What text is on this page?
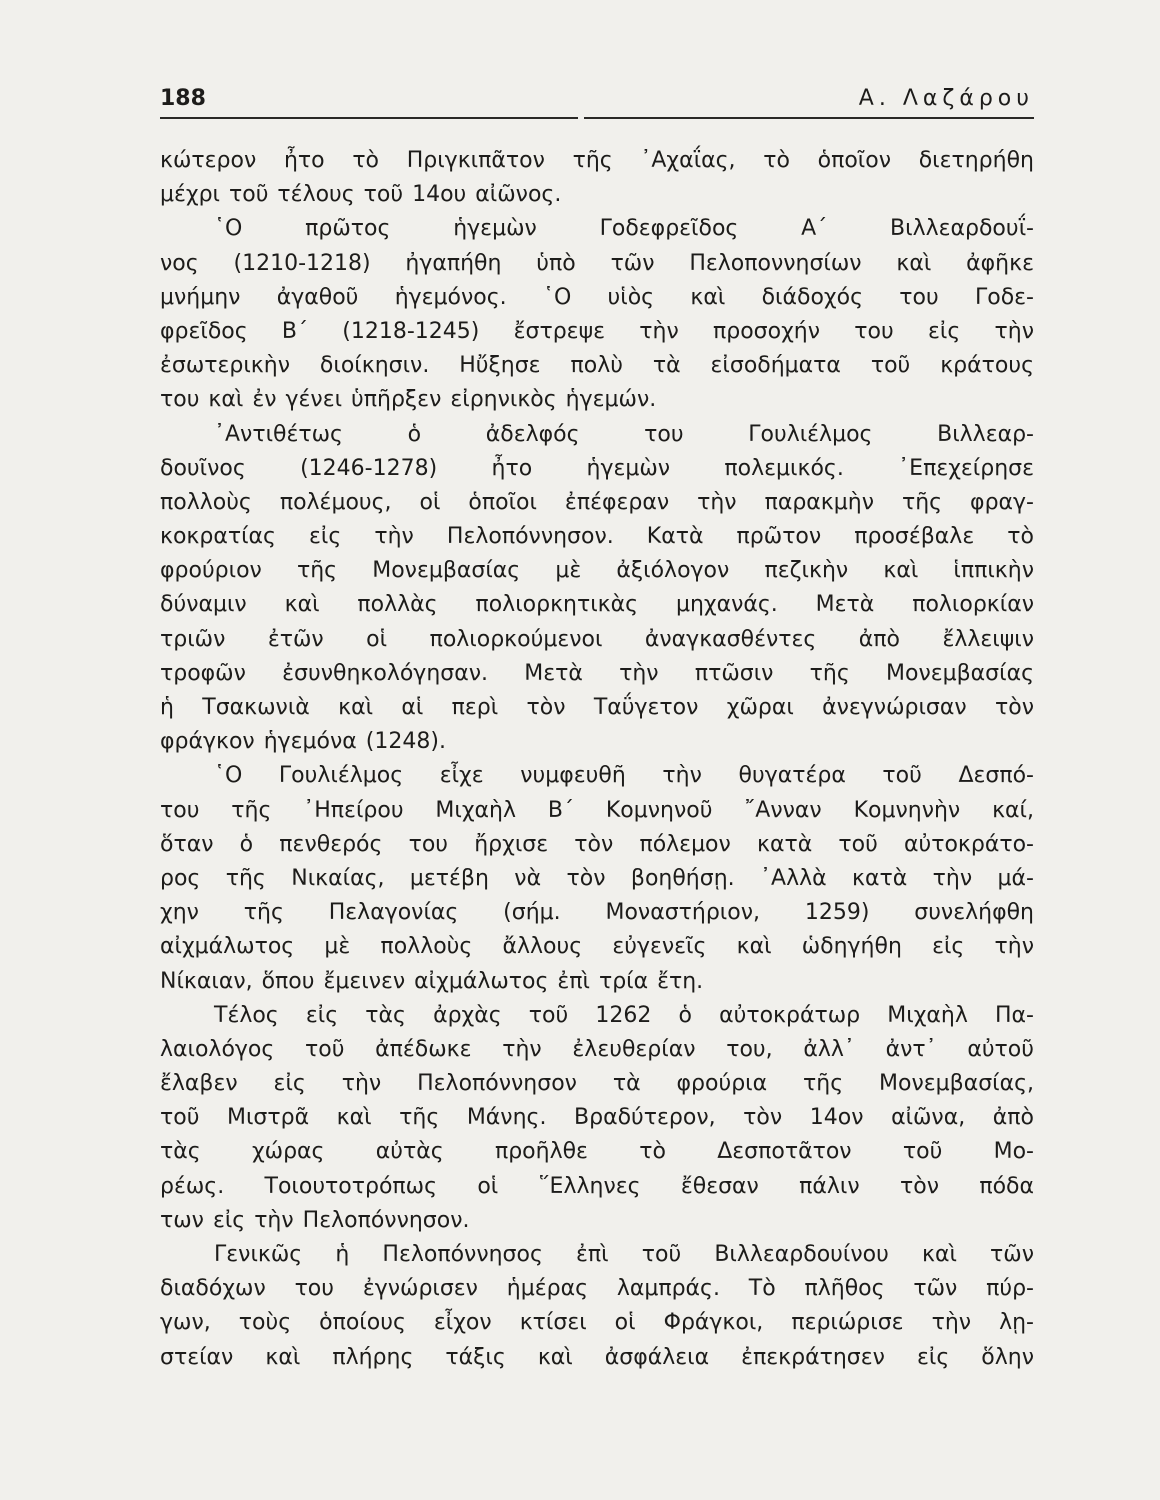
188	Α. Λαζάρου
κώτερον ἦτο τὸ Πριγκιπᾶτον τῆς ᾿Αχαΐας, τὸ ὁποῖον διετηρήθη
μέχρι τοῦ τέλους τοῦ 14ου αἰῶνος.
῾Ο πρῶτος ἡγεμὼν Γοδεφρεῖδος Α΄ Βιλλεαρδουΐ-
νος (1210-1218) ἠγαπήθη ὑπὸ τῶν Πελοποννησίων καὶ ἀφῆκε
μνήμην ἀγαθοῦ ἡγεμόνος. ῾Ο υἱὸς καὶ διάδοχός του Γοδε-
φρεῖδος Β΄ (1218-1245) ἔστρεψε τὴν προσοχήν του εἰς τὴν
ἐσωτερικὴν διοίκησιν. Ηὔξησε πολὺ τὰ εἰσοδήματα τοῦ κράτους
του καὶ ἐν γένει ὑπῆρξεν εἰρηνικὸς ἡγεμών.
᾿Αντιθέτως ὁ ἀδελφός του Γουλιέλμος Βιλλεαρ-
δουῖνος (1246-1278) ἦτο ἡγεμὼν πολεμικός. ᾿Επεχείρησε
πολλοὺς πολέμους, οἱ ὁποῖοι ἐπέφεραν τὴν παρακμὴν τῆς φραγ-
κοκρατίας εἰς τὴν Πελοπόννησον. Κατὰ πρῶτον προσέβαλε τὸ
φρούριον τῆς Μονεμβασίας μὲ ἀξιόλογον πεζικὴν καὶ ἱππικὴν
δύναμιν καὶ πολλὰς πολιορκητικὰς μηχανάς. Μετὰ πολιορκίαν
τριῶν ἐτῶν οἱ πολιορκούμενοι ἀναγκασθέντες ἀπὸ ἔλλειψιν
τροφῶν ἐσυνθηκολόγησαν. Μετὰ τὴν πτῶσιν τῆς Μονεμβασίας
ἡ Τσακωνιὰ καὶ αἱ περὶ τὸν Ταΰγετον χῶραι ἀνεγνώρισαν τὸν
φράγκον ἡγεμόνα (1248).
῾Ο Γουλιέλμος εἶχε νυμφευθῆ τὴν θυγατέρα τοῦ Δεσπό-
του τῆς ᾿Ηπείρου Μιχαὴλ Β΄ Κομνηνοῦ ῎Ανναν Κομνηνὴν καί,
ὅταν ὁ πενθερός του ἤρχισε τὸν πόλεμον κατὰ τοῦ αὐτοκράτο-
ρος τῆς Νικαίας, μετέβη νὰ τὸν βοηθήσῃ. ᾿Αλλὰ κατὰ τὴν μά-
χην τῆς Πελαγονίας (σήμ. Μοναστήριον, 1259) συνελήφθη
αἰχμάλωτος μὲ πολλοὺς ἄλλους εὐγενεῖς καὶ ὡδηγήθη εἰς τὴν
Νίκαιαν, ὅπου ἔμεινεν αἰχμάλωτος ἐπὶ τρία ἔτη.
Τέλος εἰς τὰς ἀρχὰς τοῦ 1262 ὁ αὐτοκράτωρ Μιχαὴλ Πα-
λαιολόγος τοῦ ἀπέδωκε τὴν ἐλευθερίαν του, ἀλλ᾿ ἀντ᾿ αὐτοῦ
ἔλαβεν εἰς τὴν Πελοπόννησον τὰ φρούρια τῆς Μονεμβασίας,
τοῦ Μιστρᾶ καὶ τῆς Μάνης. Βραδύτερον, τὸν 14ον αἰῶνα, ἀπὸ
τὰς χώρας αὐτὰς προῆλθε τὸ Δεσποτᾶτον τοῦ Μο-
ρέως. Τοιουτοτρόπως οἱ ῞Ελληνες ἔθεσαν πάλιν τὸν πόδα
των εἰς τὴν Πελοπόννησον.
Γενικῶς ἡ Πελοπόννησος ἐπὶ τοῦ Βιλλεαρδουίνου καὶ τῶν
διαδόχων του ἐγνώρισεν ἡμέρας λαμπράς. Τὸ πλῆθος τῶν πύρ-
γων, τοὺς ὁποίους εἶχον κτίσει οἱ Φράγκοι, περιώρισε τὴν λῃ-
στείαν καὶ πλήρης τάξις καὶ ἀσφάλεια ἐπεκράτησεν εἰς ὅλην
